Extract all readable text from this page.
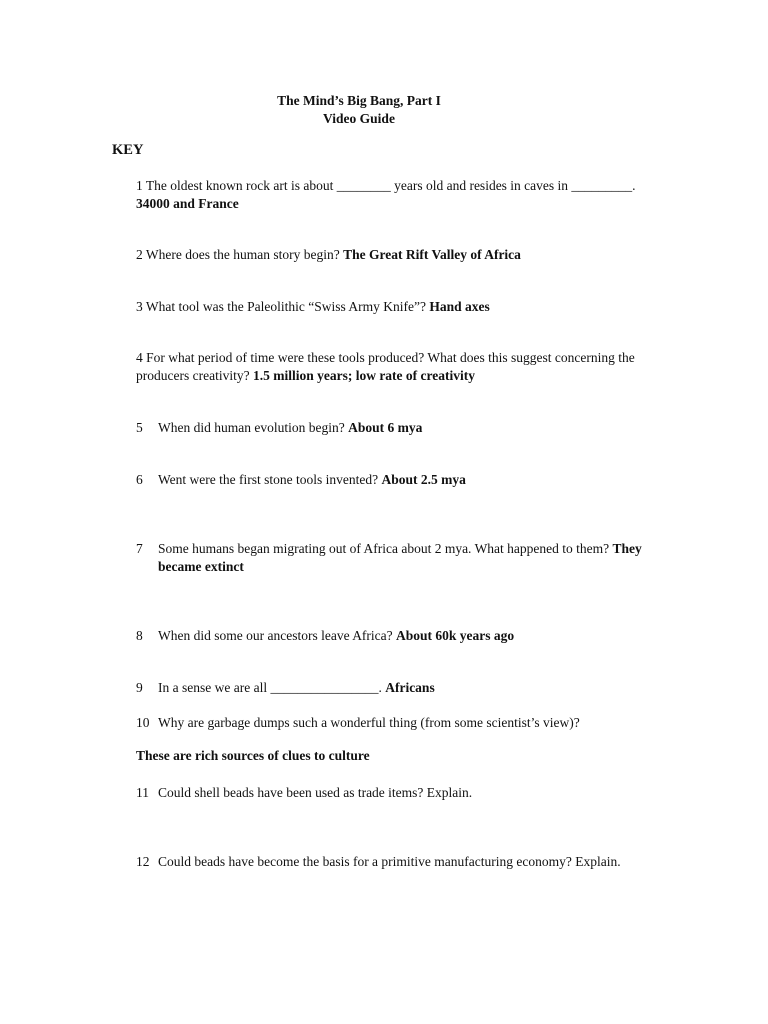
The Mind’s Big Bang, Part I
Video Guide
KEY
1 The oldest known rock art is about ________ years old and resides in caves in _________. 34000 and France
2 Where does the human story begin? The Great Rift Valley of Africa
3 What tool was the Paleolithic “Swiss Army Knife”? Hand axes
4 For what period of time were these tools produced? What does this suggest concerning the producers creativity? 1.5 million years; low rate of creativity
5 When did human evolution begin? About 6 mya
6 Went were the first stone tools invented? About 2.5 mya
7 Some humans began migrating out of Africa about 2 mya. What happened to them? They became extinct
8 When did some our ancestors leave Africa? About 60k years ago
9 In a sense we are all ________________. Africans
10 Why are garbage dumps such a wonderful thing (from some scientist’s view)?
These are rich sources of clues to culture
11 Could shell beads have been used as trade items? Explain.
12 Could beads have become the basis for a primitive manufacturing economy? Explain.
